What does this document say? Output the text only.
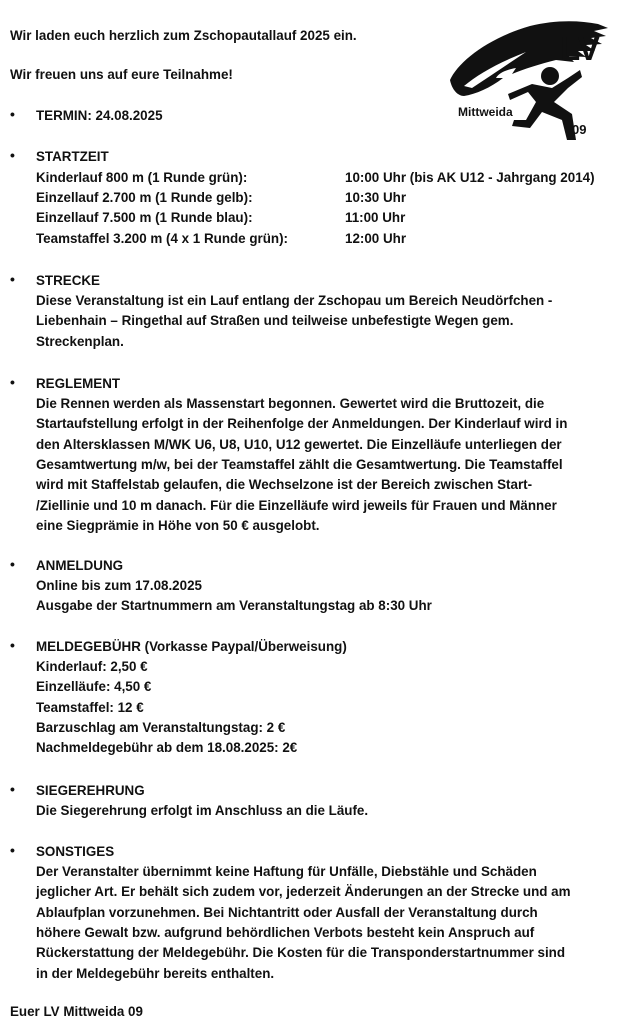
Wir laden euch herzlich zum Zschopautallauf 2025 ein.
Wir freuen uns auf eure Teilnahme!
LV
Mittweida
09
• TERMIN: 24.08.2025
• STARTZEIT
Kinderlauf 800 m (1 Runde grün):	10:00 Uhr (bis AK U12 - Jahrgang 2014)
Einzellauf 2.700 m (1 Runde gelb):	10:30 Uhr
Einzellauf 7.500 m (1 Runde blau):	11:00 Uhr
Teamstaffel 3.200 m (4 x 1 Runde grün):	12:00 Uhr
• STRECKE
Diese Veranstaltung ist ein Lauf entlang der Zschopau um Bereich Neudörfchen -
Liebenhain – Ringethal auf Straßen und teilweise unbefestigte Wegen gem.
Streckenplan.
• REGLEMENT
Die Rennen werden als Massenstart begonnen. Gewertet wird die Bruttozeit, die
Startaufstellung erfolgt in der Reihenfolge der Anmeldungen. Der Kinderlauf wird in
den Altersklassen M/WK U6, U8, U10, U12 gewertet. Die Einzelläufe unterliegen der
Gesamtwertung m/w, bei der Teamstaffel zählt die Gesamtwertung. Die Teamstaffel
wird mit Staffelstab gelaufen, die Wechselzone ist der Bereich zwischen Start-
/Ziellinie und 10 m danach. Für die Einzelläufe wird jeweils für Frauen und Männer
eine Siegprämie in Höhe von 50 € ausgelobt.
• ANMELDUNG
Online bis zum 17.08.2025
Ausgabe der Startnummern am Veranstaltungstag ab 8:30 Uhr
• MELDEGEBÜHR (Vorkasse Paypal/Überweisung)
Kinderlauf: 2,50 €
Einzelläufe: 4,50 €
Teamstaffel: 12 €
Barzuschlag am Veranstaltungstag: 2 €
Nachmeldegebühr ab dem 18.08.2025: 2€
• SIEGEREHRUNG
Die Siegerehrung erfolgt im Anschluss an die Läufe.
• SONSTIGES
Der Veranstalter übernimmt keine Haftung für Unfälle, Diebstähle und Schäden
jeglicher Art. Er behält sich zudem vor, jederzeit Änderungen an der Strecke und am
Ablaufplan vorzunehmen. Bei Nichtantritt oder Ausfall der Veranstaltung durch
höhere Gewalt bzw. aufgrund behördlichen Verbots besteht kein Anspruch auf
Rückerstattung der Meldegebühr. Die Kosten für die Transponderstartnummer sind
in der Meldegebühr bereits enthalten.
Euer LV Mittweida 09
